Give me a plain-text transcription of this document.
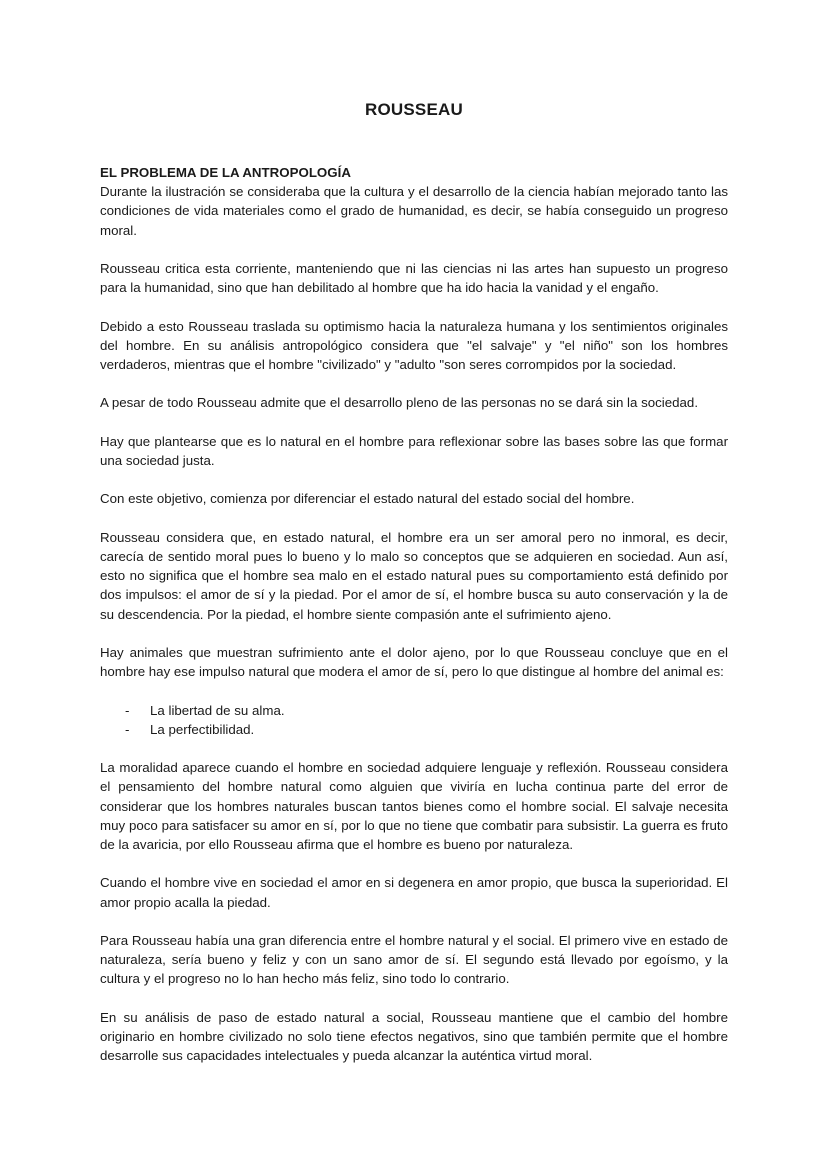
ROUSSEAU

EL PROBLEMA DE LA ANTROPOLOGÍA

Durante la ilustración se consideraba que la cultura y el desarrollo de la ciencia habían mejorado tanto las condiciones de vida materiales como el grado de humanidad, es decir, se había conseguido un progreso moral.

Rousseau critica esta corriente, manteniendo que ni las ciencias ni las artes han supuesto un progreso para la humanidad, sino que han debilitado al hombre que ha ido hacia la vanidad y el engaño.

Debido a esto Rousseau traslada su optimismo hacia la naturaleza humana y los sentimientos originales del hombre. En su análisis antropológico considera que "el salvaje" y "el niño" son los hombres verdaderos, mientras que el hombre "civilizado" y "adulto "son seres corrompidos por la sociedad.

A pesar de todo Rousseau admite que el desarrollo pleno de las personas no se dará sin la sociedad.

Hay que plantearse que es lo natural en el hombre para reflexionar sobre las bases sobre las que formar una sociedad justa.

Con este objetivo, comienza por diferenciar el estado natural del estado social del hombre.

Rousseau considera que, en estado natural, el hombre era un ser amoral pero no inmoral, es decir, carecía de sentido moral pues lo bueno y lo malo so conceptos que se adquieren en sociedad. Aun así, esto no significa que el hombre sea malo en el estado natural pues su comportamiento está definido por dos impulsos: el amor de sí y la piedad. Por el amor de sí, el hombre busca su auto conservación y la de su descendencia. Por la piedad, el hombre siente compasión ante el sufrimiento ajeno.

Hay animales que muestran sufrimiento ante el dolor ajeno, por lo que Rousseau concluye que en el hombre hay ese impulso natural que modera el amor de sí, pero lo que distingue al hombre del animal es:

-	La libertad de su alma.
-	La perfectibilidad.

La moralidad aparece cuando el hombre en sociedad adquiere lenguaje y reflexión. Rousseau considera el pensamiento del hombre natural como alguien que viviría en lucha continua parte del error de considerar que los hombres naturales buscan tantos bienes como el hombre social. El salvaje necesita muy poco para satisfacer su amor en sí, por lo que no tiene que combatir para subsistir. La guerra es fruto de la avaricia, por ello Rousseau afirma que el hombre es bueno por naturaleza.

Cuando el hombre vive en sociedad el amor en si degenera en amor propio, que busca la superioridad. El amor propio acalla la piedad.

Para Rousseau había una gran diferencia entre el hombre natural y el social. El primero vive en estado de naturaleza, sería bueno y feliz y con un sano amor de sí. El segundo está llevado por egoísmo, y la cultura y el progreso no lo han hecho más feliz, sino todo lo contrario.

En su análisis de paso de estado natural a social, Rousseau mantiene que el cambio del hombre originario en hombre civilizado no solo tiene efectos negativos, sino que también permite que el hombre desarrolle sus capacidades intelectuales y pueda alcanzar la auténtica virtud moral.
